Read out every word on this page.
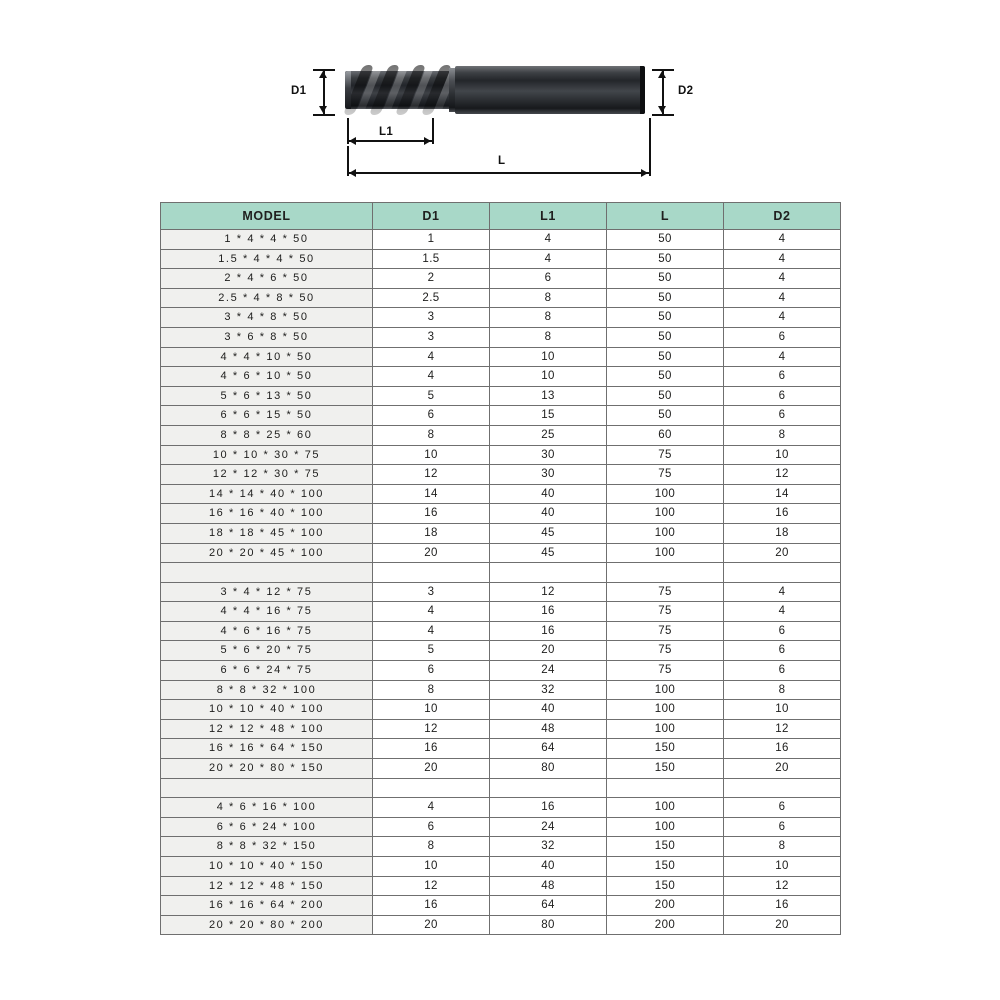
D1	D2
L1
L
MODEL	D1	L1	L	D2
1 * 4 * 4 * 50	1	4	50	4
1.5 * 4 * 4 * 50	1.5	4	50	4
2 * 4 * 6 * 50	2	6	50	4
2.5 * 4 * 8 * 50	2.5	8	50	4
3 * 4 * 8 * 50	3	8	50	4
3 * 6 * 8 * 50	3	8	50	6
4 * 4 * 10 * 50	4	10	50	4
4 * 6 * 10 * 50	4	10	50	6
5 * 6 * 13 * 50	5	13	50	6
6 * 6 * 15 * 50	6	15	50	6
8 * 8 * 25 * 60	8	25	60	8
10 * 10 * 30 * 75	10	30	75	10
12 * 12 * 30 * 75	12	30	75	12
14 * 14 * 40 * 100	14	40	100	14
16 * 16 * 40 * 100	16	40	100	16
18 * 18 * 45 * 100	18	45	100	18
20 * 20 * 45 * 100	20	45	100	20

3 * 4 * 12 * 75	3	12	75	4
4 * 4 * 16 * 75	4	16	75	4
4 * 6 * 16 * 75	4	16	75	6
5 * 6 * 20 * 75	5	20	75	6
6 * 6 * 24 * 75	6	24	75	6
8 * 8 * 32 * 100	8	32	100	8
10 * 10 * 40 * 100	10	40	100	10
12 * 12 * 48 * 100	12	48	100	12
16 * 16 * 64 * 150	16	64	150	16
20 * 20 * 80 * 150	20	80	150	20

4 * 6 * 16 * 100	4	16	100	6
6 * 6 * 24 * 100	6	24	100	6
8 * 8 * 32 * 150	8	32	150	8
10 * 10 * 40 * 150	10	40	150	10
12 * 12 * 48 * 150	12	48	150	12
16 * 16 * 64 * 200	16	64	200	16
20 * 20 * 80 * 200	20	80	200	20
